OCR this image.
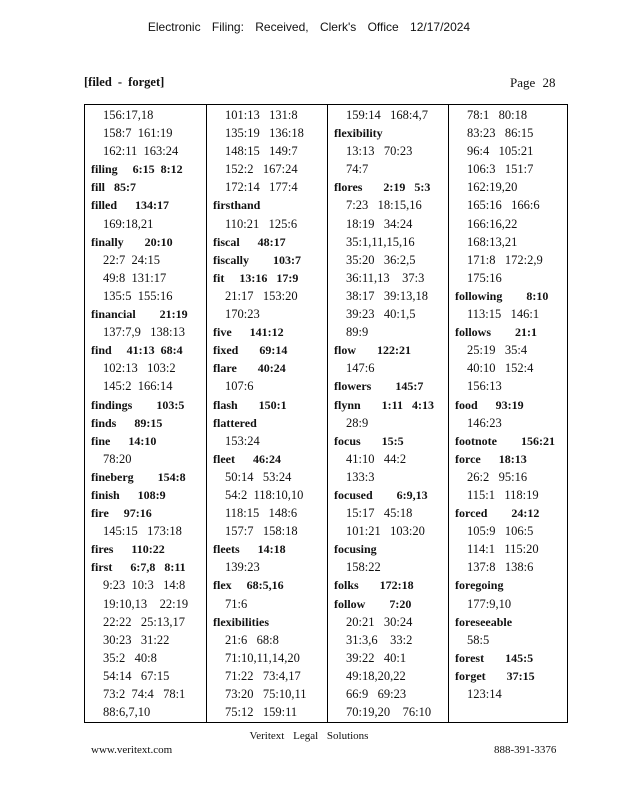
Electronic Filing: Received, Clerk's Office 12/17/2024
[filed - forget]	Page 28
156:17,18
158:7  161:19
162:11  163:24
filing     6:15  8:12
fill   85:7
filled      134:17
169:18,21
finally       20:10
22:7  24:15
49:8  131:17
135:5  155:16
financial        21:19
137:7,9   138:13
find     41:13  68:4
102:13   103:2
145:2  166:14
findings        103:5
finds      89:15
fine      14:10
78:20
fineberg        154:8
finish      108:9
fire     97:16
145:15   173:18
fires      110:22
first      6:7,8   8:11
9:23  10:3   14:8
19:10,13    22:19
22:22   25:13,17
30:23   31:22
35:2   40:8
54:14   67:15
73:2  74:4   78:1
88:6,7,10
101:13   131:8
135:19   136:18
148:15   149:7
152:2   167:24
172:14   177:4
firsthand
110:21   125:6
fiscal      48:17
fiscally        103:7
fit     13:16   17:9
21:17   153:20
170:23
five      141:12
fixed       69:14
flare       40:24
107:6
flash       150:1
flattered
153:24
fleet      46:24
50:14   53:24
54:2  118:10,10
118:15   148:6
157:7   158:18
fleets      14:18
139:23
flex     68:5,16
71:6
flexibilities
21:6   68:8
71:10,11,14,20
71:22   73:4,17
73:20   75:10,11
75:12   159:11
159:14   168:4,7
flexibility
13:13   70:23
74:7
flores       2:19   5:3
7:23   18:15,16
18:19   34:24
35:1,11,15,16
35:20   36:2,5
36:11,13    37:3
38:17   39:13,18
39:23   40:1,5
89:9
flow       122:21
147:6
flowers        145:7
flynn       1:11   4:13
28:9
focus       15:5
41:10   44:2
133:3
focused        6:9,13
15:17   45:18
101:21   103:20
focusing
158:22
folks       172:18
follow        7:20
20:21   30:24
31:3,6    33:2
39:22   40:1
49:18,20,22
66:9   69:23
70:19,20    76:10
78:1   80:18
83:23   86:15
96:4   105:21
106:3   151:7
162:19,20
165:16   166:6
166:16,22
168:13,21
171:8   172:2,9
175:16
following        8:10
113:15   146:1
follows        21:1
25:19   35:4
40:10   152:4
156:13
food      93:19
146:23
footnote        156:21
force      18:13
26:2   95:16
115:1   118:19
forced        24:12
105:9   106:5
114:1   115:20
137:8   138:6
foregoing
177:9,10
foreseeable
58:5
forest       145:5
forget       37:15
123:14
Veritext Legal Solutions
www.veritext.com	888-391-3376
